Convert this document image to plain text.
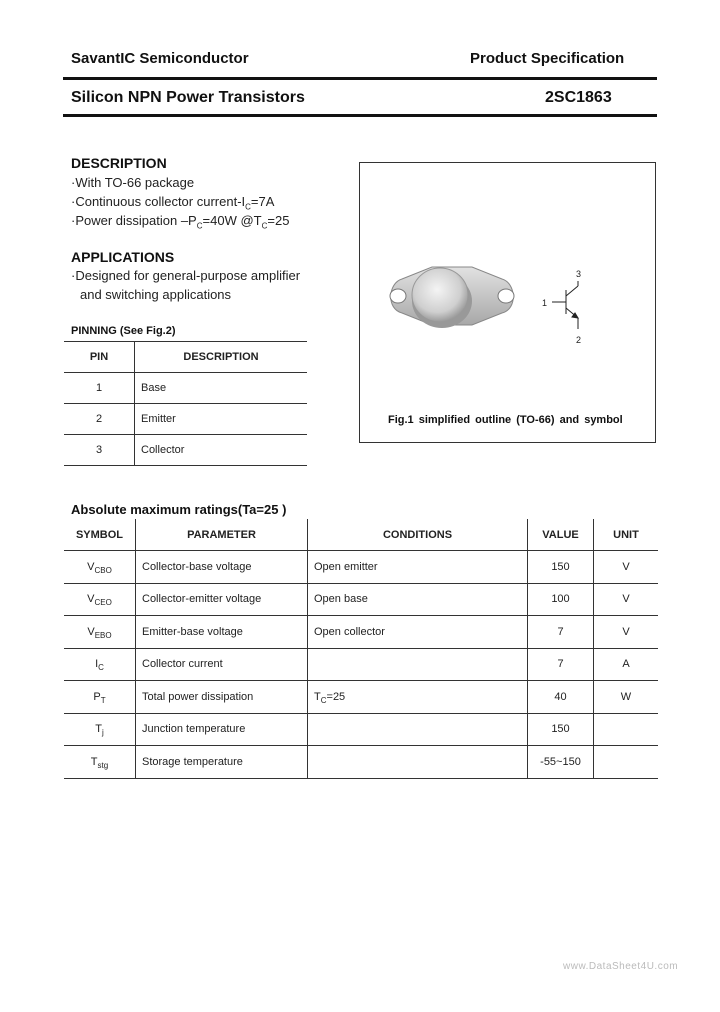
SavantIC Semiconductor	Product Specification
Silicon NPN Power Transistors	2SC1863
DESCRIPTION
·With TO-66 package
·Continuous collector current-$I_C=7A$
·Power dissipation $-P_C=40W$ $@T_C=25$
APPLICATIONS
·Designed for general-purpose amplifier
and switching applications
PINNING (See Fig.2)
PIN	DESCRIPTION
1	Base
2	Emitter
3	Collector
1
2
3
Fig.1 simplified outline (TO-66) and symbol
Absolute maximum ratings(Ta=25 )
SYMBOL	PARAMETER	CONDITIONS	VALUE	UNIT
$V_{CBO}$	Collector-base voltage	Open emitter	150	V
$V_{CEO}$	Collector-emitter voltage	Open base	100	V
$V_{EBO}$	Emitter-base voltage	Open collector	7	V
$I_C$	Collector current		7	A
$P_T$	Total power dissipation	$T_C=25$	40	W
$T_j$	Junction temperature		150	
$T_{stg}$	Storage temperature		-55~150	
www.DataSheet4U.com
